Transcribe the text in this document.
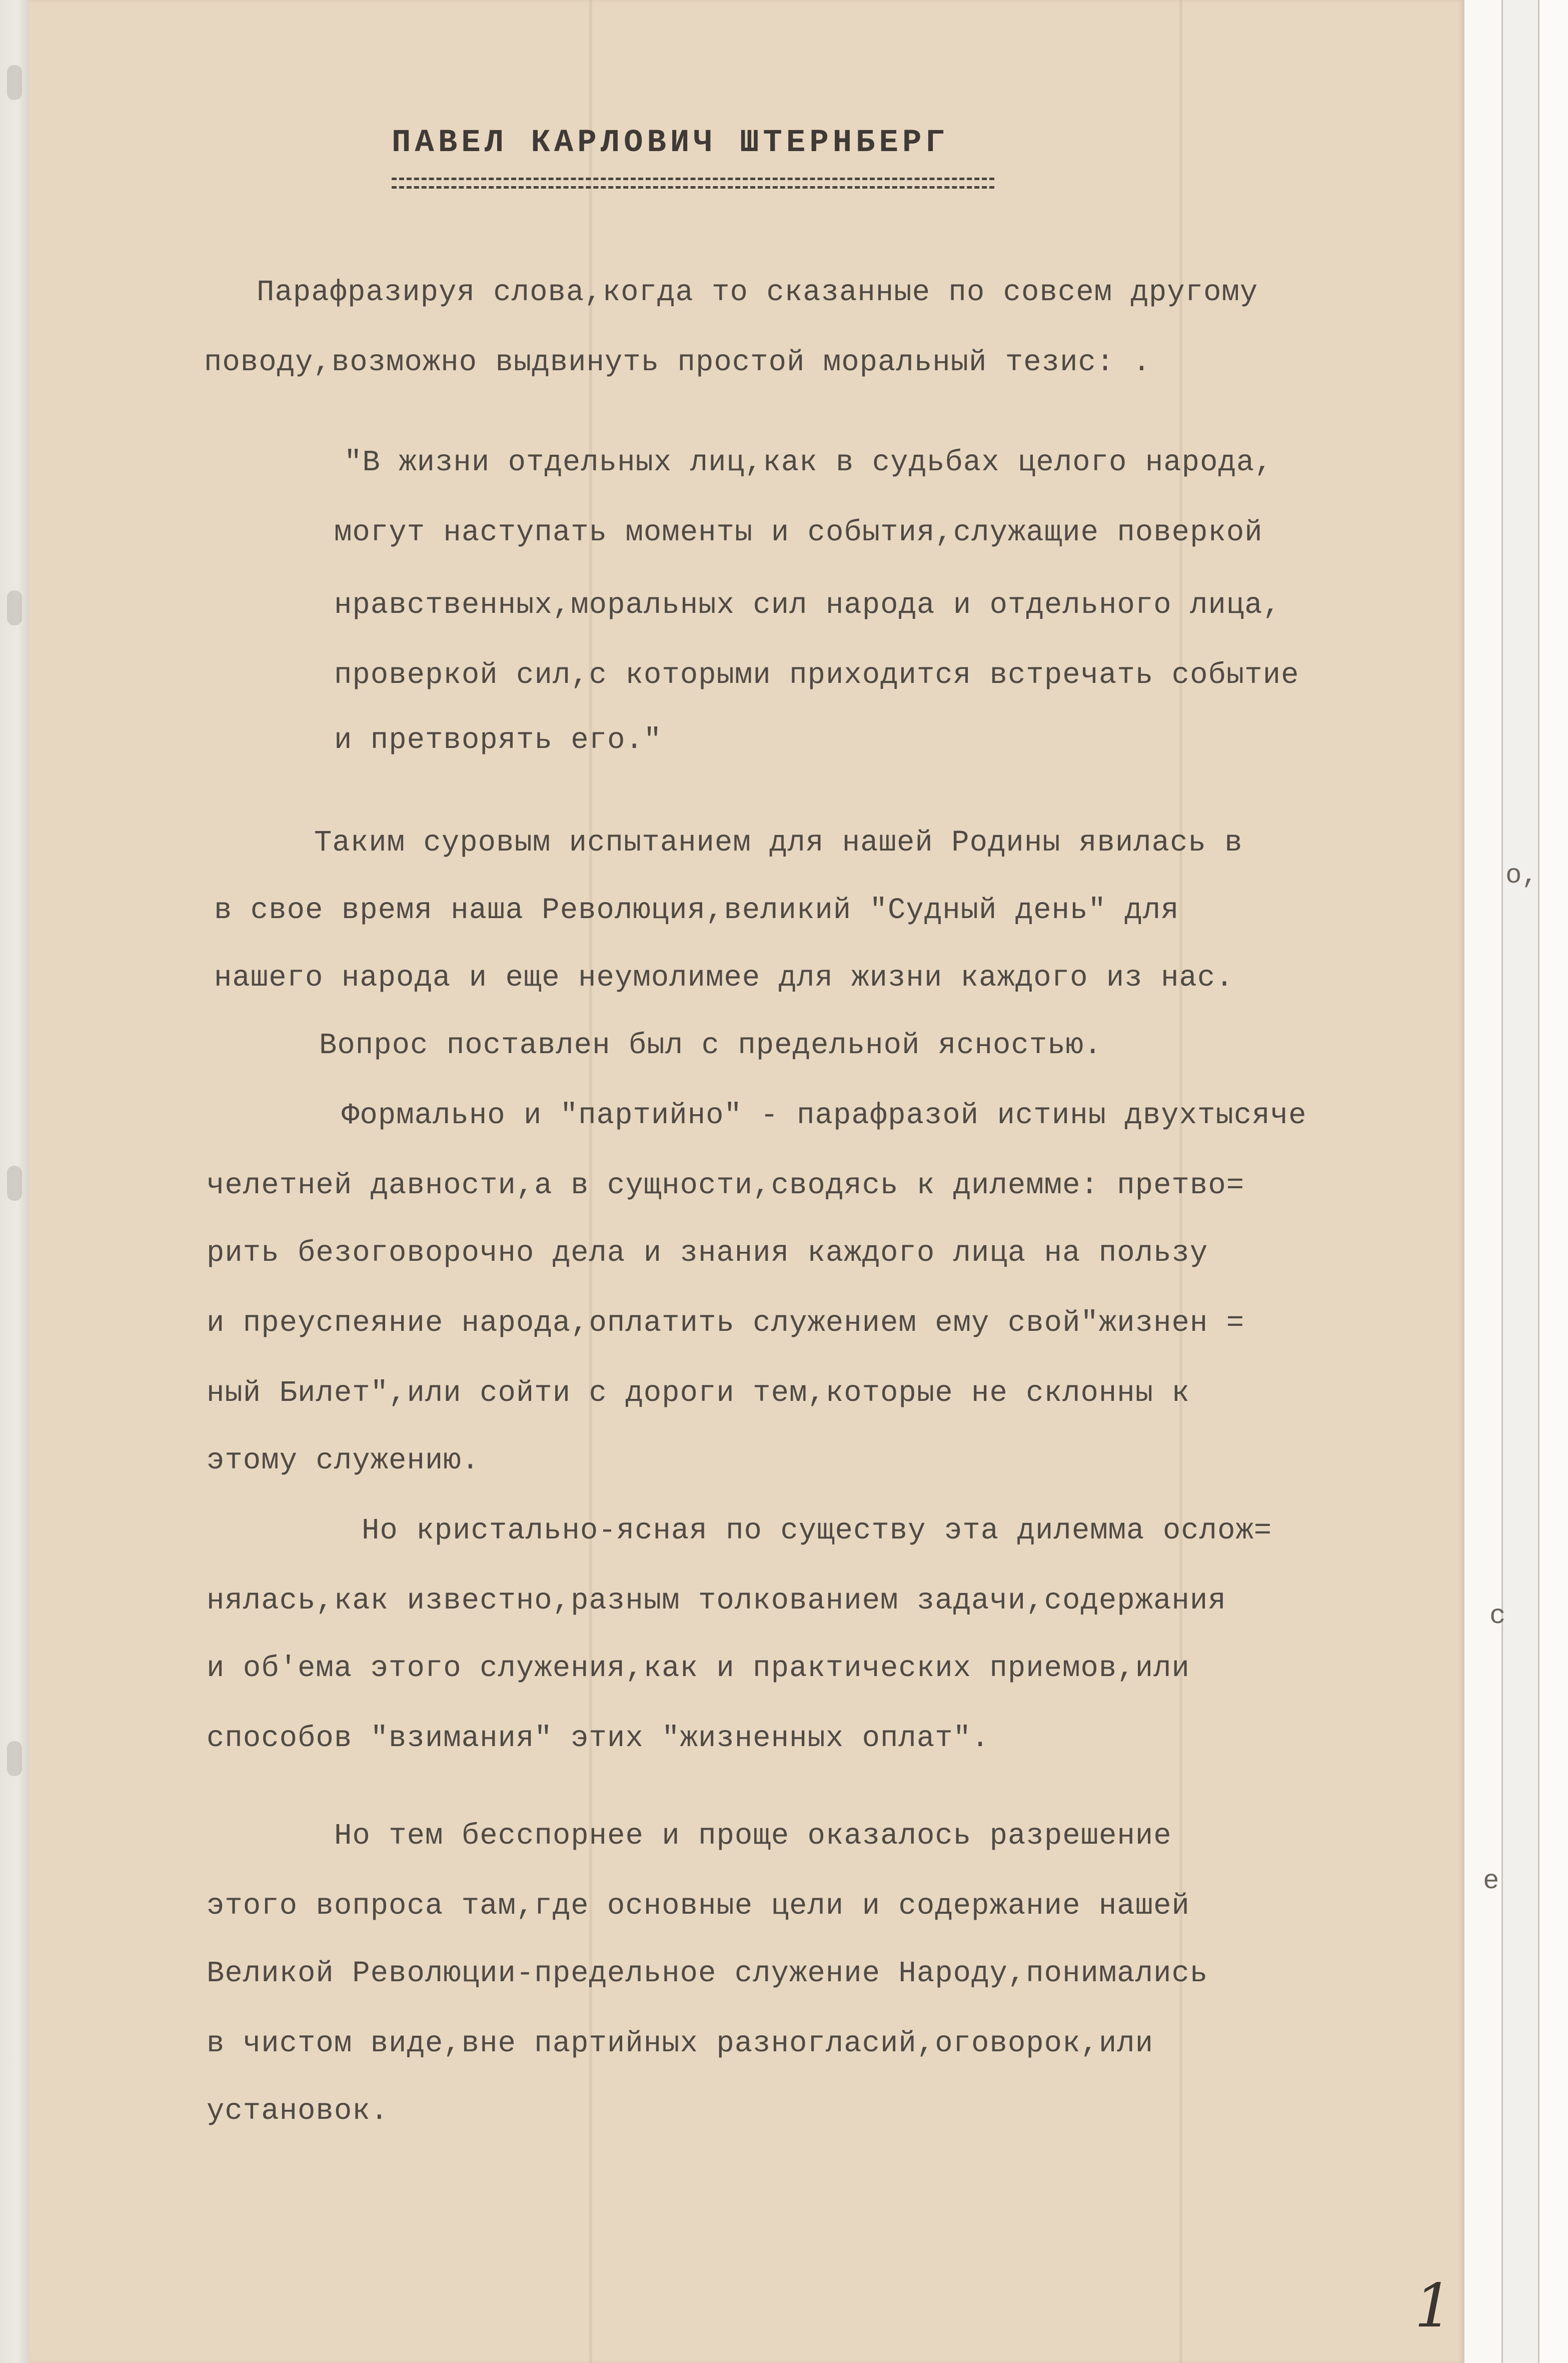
о,
с
е
ПАВЕЛ КАРЛОВИЧ ШТЕРНБЕРГ
Парафразируя слова,когда то сказанные по совсем другому
поводу,возможно выдвинуть простой моральный тезис: .
"В жизни отдельных лиц,как в судьбах целого народа,
могут наступать моменты и события,служащие поверкой
нравственных,моральных сил народа и отдельного лица,
проверкой сил,с которыми приходится встречать событие
и претворять его."
Таким суровым испытанием для нашей Родины явилась в
в свое время наша Революция,великий "Судный день" для
нашего народа и еще неумолимее для жизни каждого из нас.
Вопрос поставлен был с предельной ясностью.
Формально и "партийно" - парафразой истины двухтысяче
челетней давности,а в сущности,сводясь к дилемме: претво=
рить безоговорочно дела и знания каждого лица на пользу
и преуспеяние народа,оплатить служением ему свой"жизнен =
ный Билет",или сойти с дороги тем,которые не склонны к
этому служению.
Но кристально-ясная по существу эта дилемма ослож=
нялась,как известно,разным толкованием задачи,содержания
и об'ема этого служения,как и практических приемов,или
способов "взимания" этих "жизненных оплат".
Но тем бесспорнее и проще оказалось разрешение
этого вопроса там,где основные цели и содержание нашей
Великой Революции-предельное служение Народу,понимались
в чистом виде,вне партийных разногласий,оговорок,или
установок.
1
